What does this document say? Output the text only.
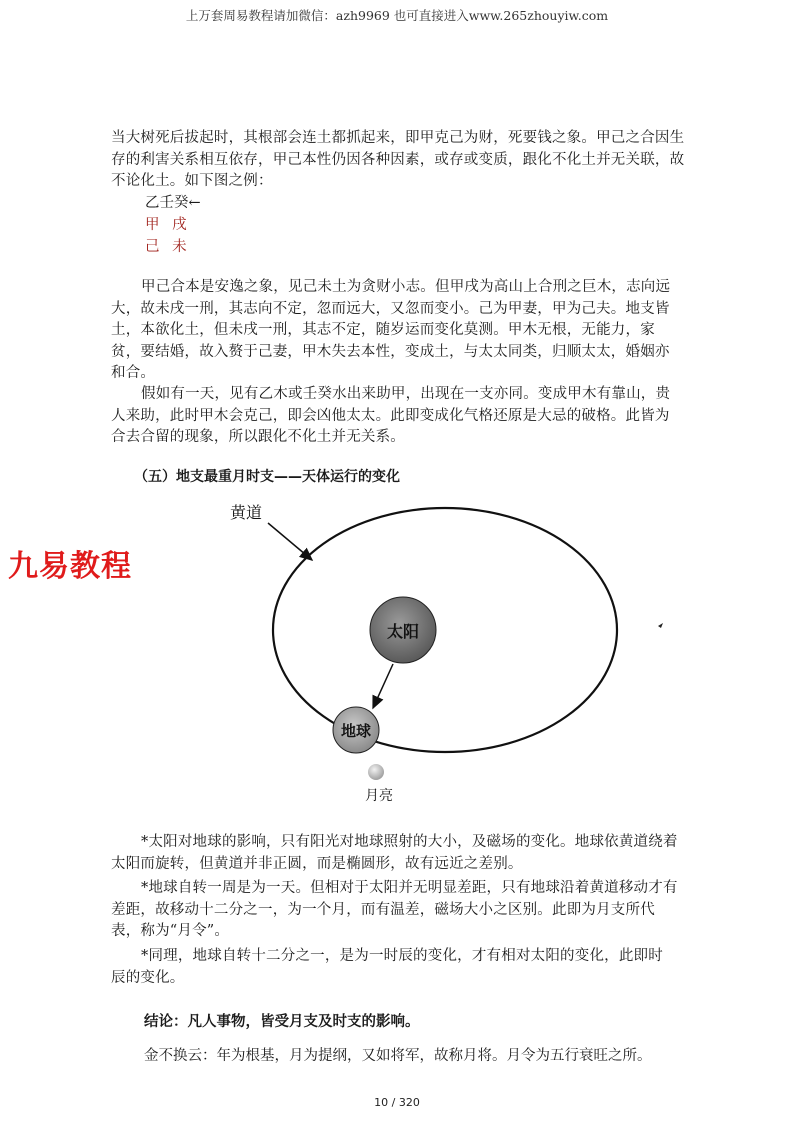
上万套周易教程请加微信：azh9969 也可直接进入www.265zhouyiw.com
当大树死后拔起时，其根部会连土都抓起来，即甲克己为财，死要钱之象。甲己之合因生
存的利害关系相互依存，甲己本性仍因各种因素，或存或变质，跟化不化土并无关联，故
不论化土。如下图之例：
乙壬癸←
甲 戌
己 未
甲己合本是安逸之象，见己未土为贪财小志。但甲戌为高山上合刑之巨木，志向远
大，故未戌一刑，其志向不定，忽而远大，又忽而变小。己为甲妻，甲为己夫。地支皆
土，本欲化土，但未戌一刑，其志不定，随岁运而变化莫测。甲木无根，无能力，家
贫，要结婚，故入赘于己妻，甲木失去本性，变成土，与太太同类，归顺太太，婚姻亦
和合。
假如有一天，见有乙木或壬癸水出来助甲，出现在一支亦同。变成甲木有靠山，贵
人来助，此时甲木会克己，即会凶他太太。此即变成化气格还原是大忌的破格。此皆为
合去合留的现象，所以跟化不化土并无关系。
（五）地支最重月时支——天体运行的变化
九易教程
黄道
太阳
地球
月亮
*太阳对地球的影响，只有阳光对地球照射的大小，及磁场的变化。地球依黄道绕着
太阳而旋转，但黄道并非正圆，而是椭圆形，故有远近之差别。
*地球自转一周是为一天。但相对于太阳并无明显差距，只有地球沿着黄道移动才有
差距，故移动十二分之一，为一个月，而有温差，磁场大小之区别。此即为月支所代
表，称为“月令”。
*同理，地球自转十二分之一，是为一时辰的变化，才有相对太阳的变化，此即时
辰的变化。
结论：凡人事物，皆受月支及时支的影响。
金不换云：年为根基，月为提纲，又如将军，故称月将。月令为五行衰旺之所。
10 / 320
